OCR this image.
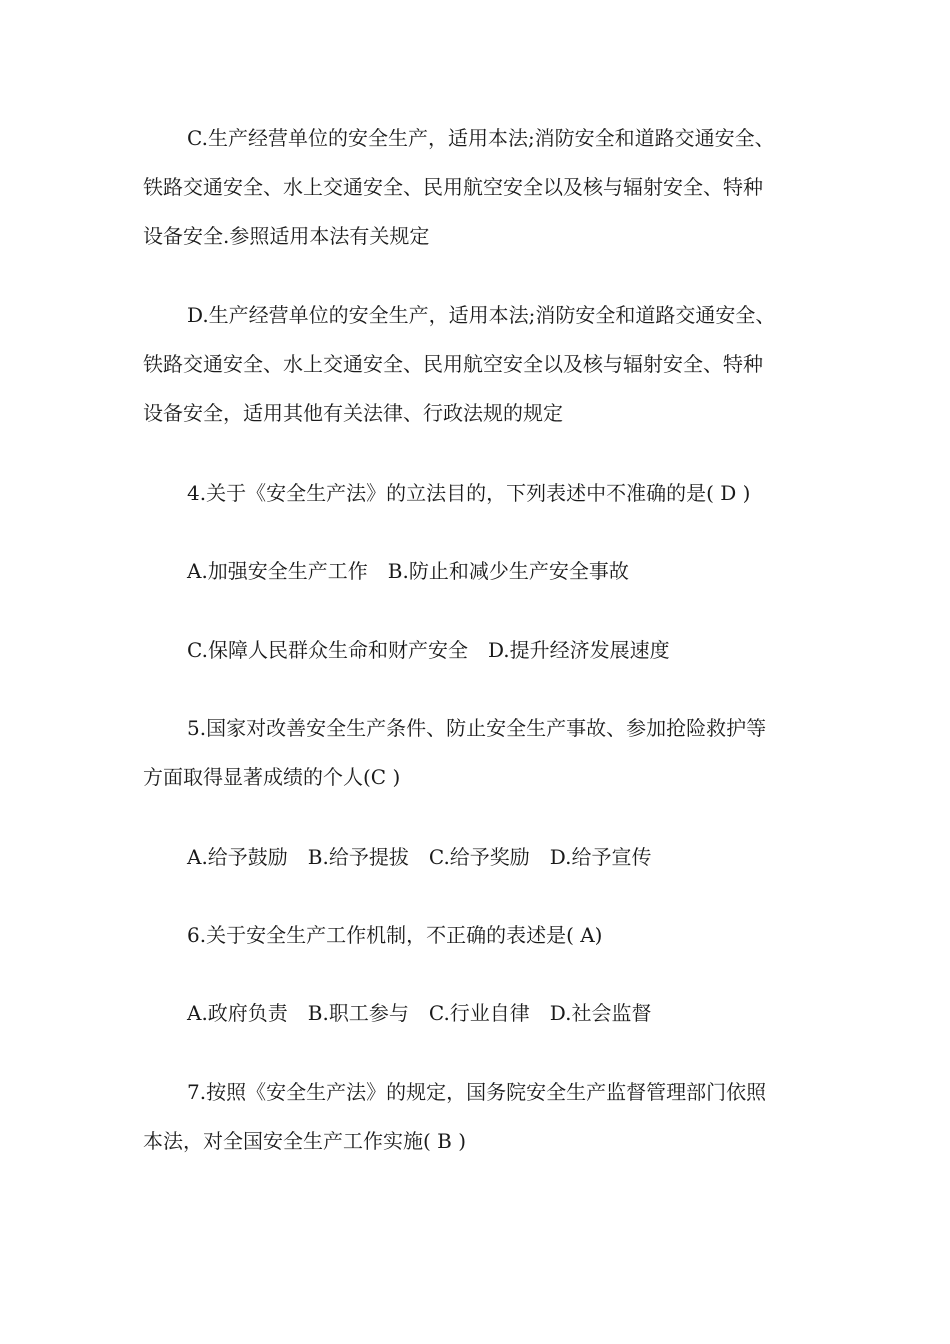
C.生产经营单位的安全生产，适用本法;消防安全和道路交通安全、
铁路交通安全、水上交通安全、民用航空安全以及核与辐射安全、特种
设备安全.参照适用本法有关规定
D.生产经营单位的安全生产，适用本法;消防安全和道路交通安全、
铁路交通安全、水上交通安全、民用航空安全以及核与辐射安全、特种
设备安全，适用其他有关法律、行政法规的规定
4.关于《安全生产法》的立法目的，下列表述中不准确的是( D )
A.加强安全生产工作　B.防止和减少生产安全事故
C.保障人民群众生命和财产安全　D.提升经济发展速度
5.国家对改善安全生产条件、防止安全生产事故、参加抢险救护等
方面取得显著成绩的个人(C )
A.给予鼓励　B.给予提拔　C.给予奖励　D.给予宣传
6.关于安全生产工作机制，不正确的表述是( A)
A.政府负责　B.职工参与　C.行业自律　D.社会监督
7.按照《安全生产法》的规定，国务院安全生产监督管理部门依照
本法，对全国安全生产工作实施( B )
